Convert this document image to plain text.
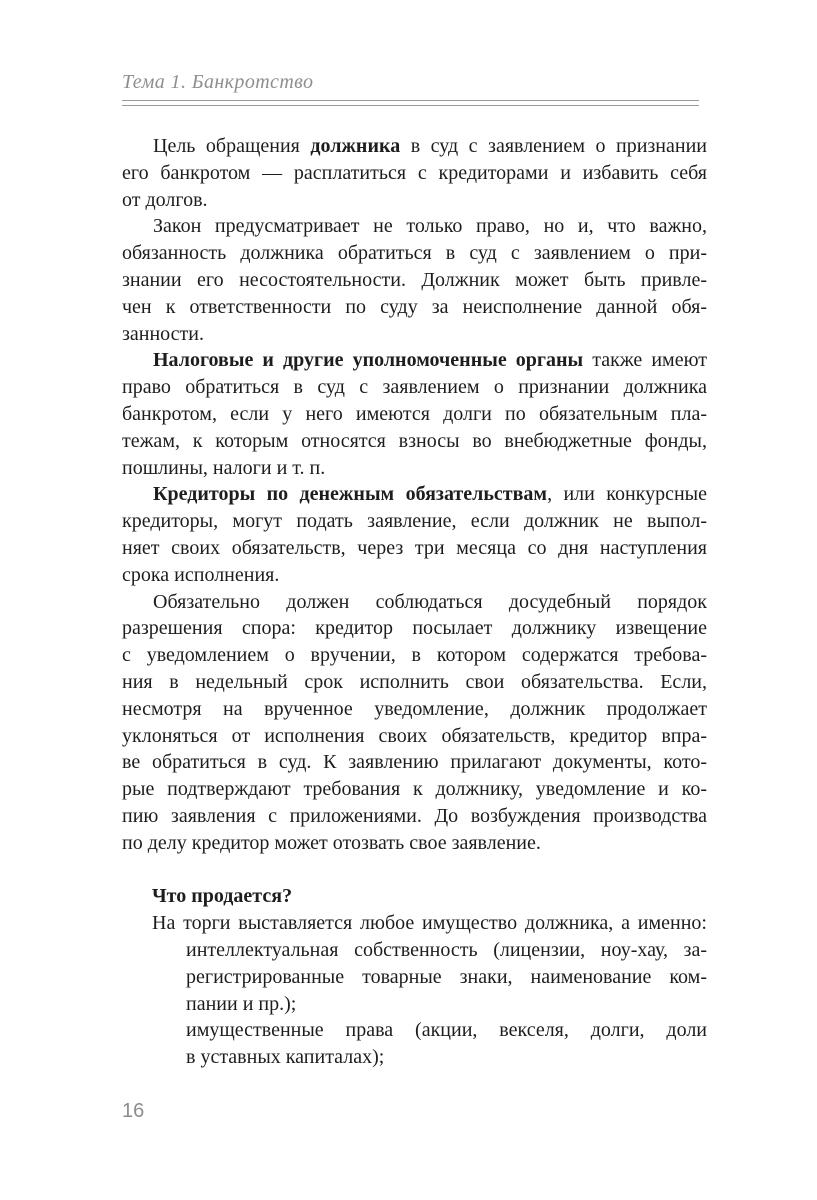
Тема 1. Банкротство
Цель обращения должника в суд с заявлением о признании
его банкротом — расплатиться с кредиторами и избавить себя
от долгов.
Закон предусматривает не только право, но и, что важно,
обязанность должника обратиться в суд с заявлением о при-
знании его несостоятельности. Должник может быть привле-
чен к ответственности по суду за неисполнение данной обя-
занности.
Налоговые и другие уполномоченные органы также имеют
право обратиться в суд с заявлением о признании должника
банкротом, если у него имеются долги по обязательным пла-
тежам, к которым относятся взносы во внебюджетные фонды,
пошлины, налоги и т. п.
Кредиторы по денежным обязательствам, или конкурсные
кредиторы, могут подать заявление, если должник не выпол-
няет своих обязательств, через три месяца со дня наступления
срока исполнения.
Обязательно должен соблюдаться досудебный порядок
разрешения спора: кредитор посылает должнику извещение
с уведомлением о вручении, в котором содержатся требова-
ния в недельный срок исполнить свои обязательства. Если,
несмотря на врученное уведомление, должник продолжает
уклоняться от исполнения своих обязательств, кредитор впра-
ве обратиться в суд. К заявлению прилагают документы, кото-
рые подтверждают требования к должнику, уведомление и ко-
пию заявления с приложениями. До возбуждения производства
по делу кредитор может отозвать свое заявление.
Что продается?
На торги выставляется любое имущество должника, а именно:
интеллектуальная собственность (лицензии, ноу-хау, за-
регистрированные товарные знаки, наименование ком-
пании и пр.);
имущественные права (акции, векселя, долги, доли
в уставных капиталах);
16
